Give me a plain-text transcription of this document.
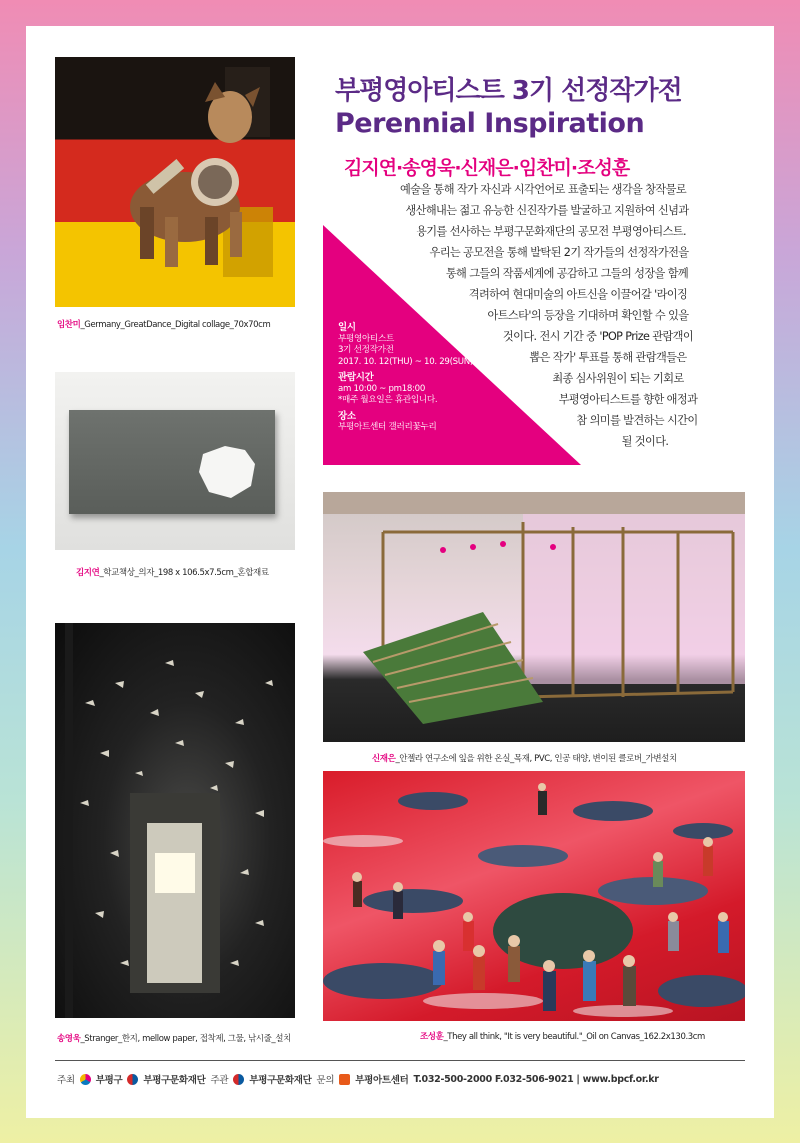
임찬미_Germany_GreatDance_Digital collage_70x70cm
김지연_학교책상_의자_198 x 106.5x7.5cm_혼합재료
송영욱_Stranger_한지, mellow paper, 접착제, 그물, 낚시줄_설치
부평영아티스트 3기 선정작가전
Perennial Inspiration
김지연·송영욱·신재은·임찬미·조성훈
일시
부평영아티스트
3기 선정작가전
2017. 10. 12(THU) ~ 10. 29(SUN)
관람시간
am 10:00 ~ pm18:00
*매주 월요일은 휴관입니다.
장소
부평아트센터 갤러리꽃누리
예술을 통해 작가 자신과 시각언어로 표출되는 생각을 창작물로
생산해내는 젊고 유능한 신진작가를 발굴하고 지원하여 신념과
용기를 선사하는 부평구문화재단의 공모전 부평영아티스트.
우리는 공모전을 통해 발탁된 2기 작가들의 선정작가전을
통해 그들의 작품세계에 공감하고 그들의 성장을 함께
격려하여 현대미술의 아트신을 이끌어갈 '라이징
아트스타'의 등장을 기대하며 확인할 수 있을
것이다. 전시 기간 중 'POP Prize 관람객이
뽑은 작가' 투표를 통해 관람객들은
최종 심사위원이 되는 기회로
부평영아티스트를 향한 애정과
참 의미를 발견하는 시간이
될 것이다.
신재은_안젤라 연구소에 잎을 위한 온실_목재, PVC, 인공 태양, 변이된 클로버_가변설치
조성훈_They all think, "It is very beautiful."_Oil on Canvas_162.2x130.3cm
주최 부평구 부평구문화재단 주관 부평구문화재단 문의 부평아트센터 T.032-500-2000 F.032-506-9021 | www.bpcf.or.kr
